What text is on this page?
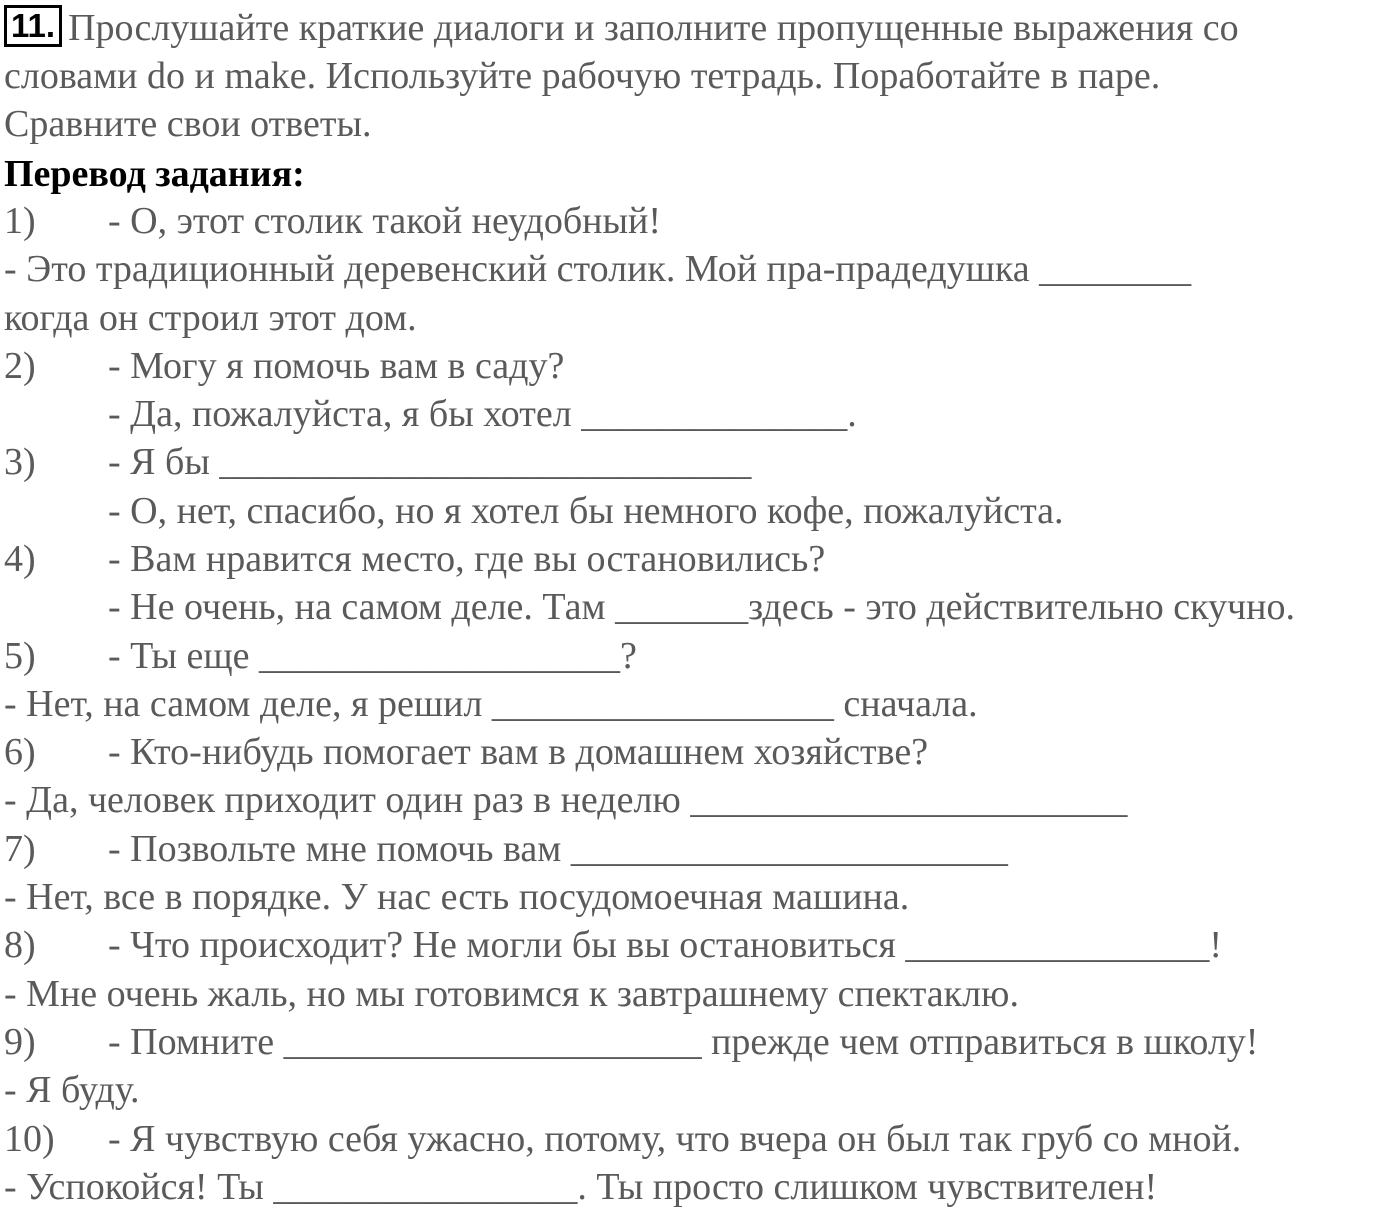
11. Прослушайте краткие диалоги и заполните пропущенные выражения со
словами do и make. Используйте рабочую тетрадь. Поработайте в паре.
Сравните свои ответы.
Перевод задания:
1) - О, этот столик такой неудобный!
- Это традиционный деревенский столик. Мой пра-прадедушка ________
когда он строил этот дом.
2) - Могу я помочь вам в саду?
- Да, пожалуйста, я бы хотел ______________.
3) - Я бы ____________________________
- О, нет, спасибо, но я хотел бы немного кофе, пожалуйста.
4) - Вам нравится место, где вы остановились?
- Не очень, на самом деле. Там _______здесь - это действительно скучно.
5) - Ты еще ___________________?
- Нет, на самом деле, я решил __________________ сначала.
6) - Кто-нибудь помогает вам в домашнем хозяйстве?
- Да, человек приходит один раз в неделю _______________________
7) - Позвольте мне помочь вам _______________________
- Нет, все в порядке. У нас есть посудомоечная машина.
8) - Что происходит? Не могли бы вы остановиться ________________!
- Мне очень жаль, но мы готовимся к завтрашнему спектаклю.
9) - Помните ______________________ прежде чем отправиться в школу!
- Я буду.
10) - Я чувствую себя ужасно, потому, что вчера он был так груб со мной.
- Успокойся! Ты ________________. Ты просто слишком чувствителен!
